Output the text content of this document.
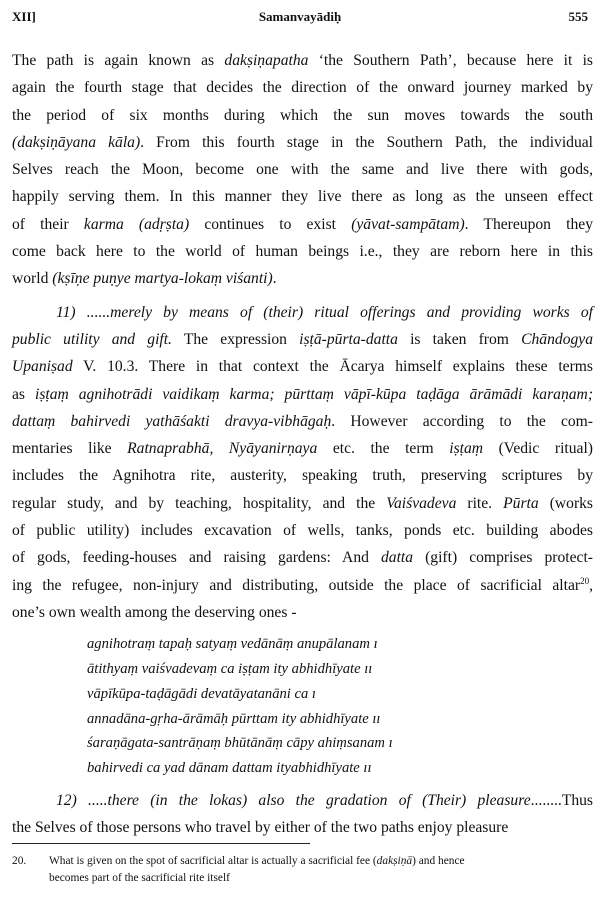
XII]	Samanvayādiḥ	555
The path is again known as dakṣiṇapatha ‘the Southern Path’, because here it is
again the fourth stage that decides the direction of the onward journey marked by
the period of six months during which the sun moves towards the south
(dakṣiṇāyana kāla). From this fourth stage in the Southern Path, the individual
Selves reach the Moon, become one with the same and live there with gods,
happily serving them. In this manner they live there as long as the unseen effect
of their karma (adṛṣta) continues to exist (yāvat-sampātam). Thereupon they
come back here to the world of human beings i.e., they are reborn here in this
world (kṣīṇe puṇye martya-lokaṃ viśanti).
11) ......merely by means of (their) ritual offerings and providing works of
public utility and gift. The expression iṣṭā-pūrta-datta is taken from Chāndogya
Upaniṣad V. 10.3. There in that context the Ācarya himself explains these terms
as iṣṭaṃ agnihotrādi vaidikaṃ karma; pūrttaṃ vāpī-kūpa taḍāga ārāmādi karaṇam;
dattaṃ bahirvedi yathāśakti dravya-vibhāgaḥ. However according to the com-
mentaries like Ratnaprabhā, Nyāyanirṇaya etc. the term iṣṭaṃ (Vedic ritual)
includes the Agnihotra rite, austerity, speaking truth, preserving scriptures by
regular study, and by teaching, hospitality, and the Vaiśvadeva rite. Pūrta (works
of public utility) includes excavation of wells, tanks, ponds etc. building abodes
of gods, feeding-houses and raising gardens: And datta (gift) comprises protect-
ing the refugee, non-injury and distributing, outside the place of sacrificial altar$^{20}$,
one’s own wealth among the deserving ones -
agnihotraṃ tapaḥ satyaṃ vedānāṃ anupālanam ı
ātithyaṃ vaiśvadevaṃ ca iṣṭam ity abhidhīyate ıı
vāpīkūpa-taḍāgādi devatāyatanāni ca ı
annadāna-gṛha-ārāmāḥ pūrttam ity abhidhīyate ıı
śaraṇāgata-santrāṇaṃ bhūtānāṃ cāpy ahiṃsanam ı
bahirvedi ca yad dānam dattam ityabhidhīyate ıı
12) .....there (in the lokas) also the gradation of (Their) pleasure........Thus
the Selves of those persons who travel by either of the two paths enjoy pleasure
20. What is given on the spot of sacrificial altar is actually a sacrificial fee (dakṣiṇā) and hence
becomes part of the sacrificial rite itself
